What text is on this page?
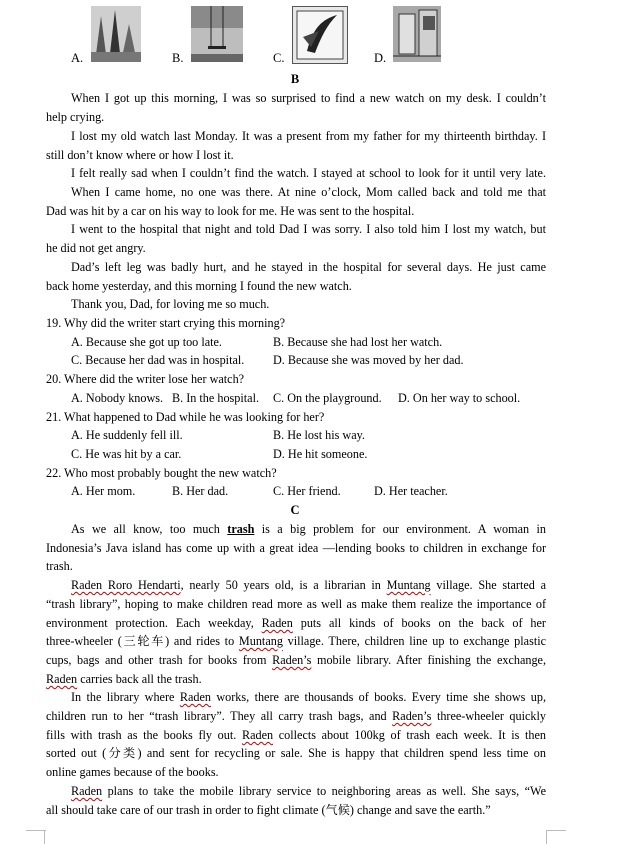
A.	B.	C.	D.
B
When I got up this morning, I was so surprised to find a new watch on my desk. I couldn’t
help crying.
I lost my old watch last Monday. It was a present from my father for my thirteenth birthday. I
still don’t know where or how I lost it.
I felt really sad when I couldn’t find the watch. I stayed at school to look for it until very late.
When I came home, no one was there. At nine o’clock, Mom called back and told me that
Dad was hit by a car on his way to look for me. He was sent to the hospital.
I went to the hospital that night and told Dad I was sorry. I also told him I lost my watch, but
he did not get angry.
Dad’s left leg was badly hurt, and he stayed in the hospital for several days. He just came
back home yesterday, and this morning I found the new watch.
Thank you, Dad, for loving me so much.
19. Why did the writer start crying this morning?
A. Because she got up too late.	B. Because she had lost her watch.
C. Because her dad was in hospital. D. Because she was moved by her dad.
20. Where did the writer lose her watch?
A. Nobody knows. B. In the hospital. C. On the playground. D. On her way to school.
21. What happened to Dad while he was looking for her?
A. He suddenly fell ill.	B. He lost his way.
C. He was hit by a car.	D. He hit someone.
22. Who most probably bought the new watch?
A. Her mom.	B. Her dad.	C. Her friend.	D. Her teacher.
C
As we all know, too much trash is a big problem for our environment. A woman in
Indonesia’s Java island has come up with a great idea —lending books to children in exchange for
trash.
Raden Roro Hendarti, nearly 50 years old, is a librarian in Muntang village. She started a
“trash library”, hoping to make children read more as well as make them realize the importance of
environment protection. Each weekday, Raden puts all kinds of books on the back of her
three-wheeler (三轮车) and rides to Muntang village. There, children line up to exchange plastic
cups, bags and other trash for books from Raden’s mobile library. After finishing the exchange,
Raden carries back all the trash.
In the library where Raden works, there are thousands of books. Every time she shows up,
children run to her “trash library”. They all carry trash bags, and Raden’s three-wheeler quickly
fills with trash as the books fly out. Raden collects about 100kg of trash each week. It is then
sorted out (分类) and sent for recycling or sale. She is happy that children spend less time on
online games because of the books.
Raden plans to take the mobile library service to neighboring areas as well. She says, “We
all should take care of our trash in order to fight climate (气候) change and save the earth.”
